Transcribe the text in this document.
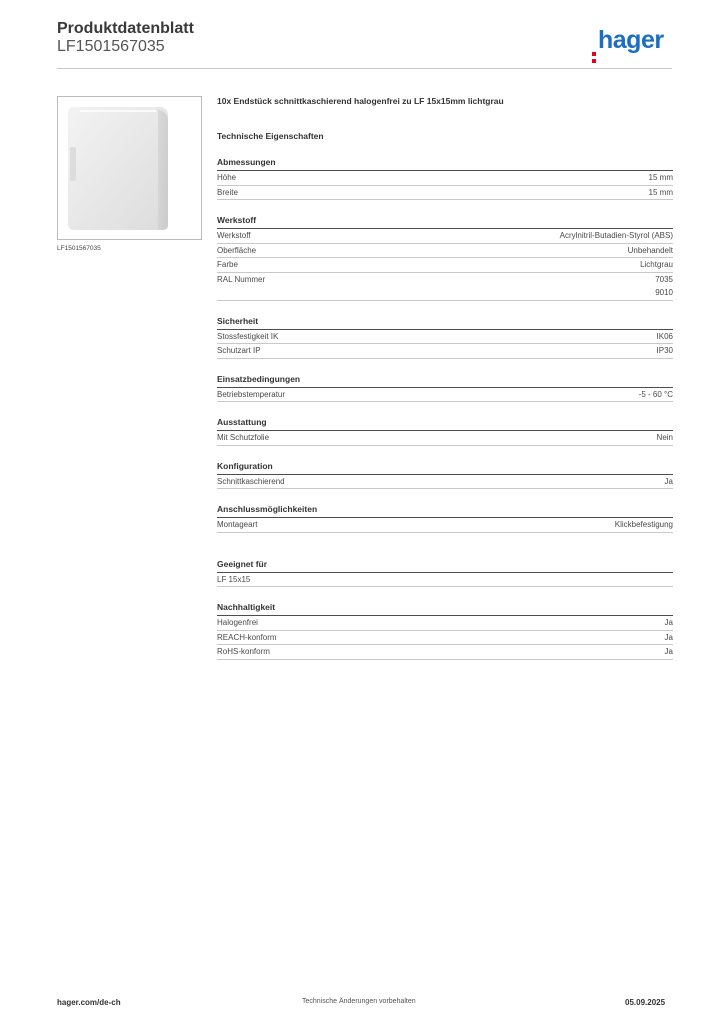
Produktdatenblatt
LF1501567035	hager
LF1501567035
10x Endstück schnittkaschierend halogenfrei zu LF 15x15mm lichtgrau
Technische Eigenschaften
Abmessungen
Höhe	15 mm
Breite	15 mm
Werkstoff
Werkstoff	Acrylnitril-Butadien-Styrol (ABS)
Oberfläche	Unbehandelt
Farbe	Lichtgrau
RAL Nummer	7035
9010
Sicherheit
Stossfestigkeit IK	IK06
Schutzart IP	IP30
Einsatzbedingungen
Betriebstemperatur	-5 - 60 °C
Ausstattung
Mit Schutzfolie	Nein
Konfiguration
Schnittkaschierend	Ja
Anschlussmöglichkeiten
Montageart	Klickbefestigung
Geeignet für
LF 15x15
Nachhaltigkeit
Halogenfrei	Ja
REACH-konform	Ja
RoHS-konform	Ja
hager.com/de-ch	Technische Änderungen vorbehalten	05.09.2025
